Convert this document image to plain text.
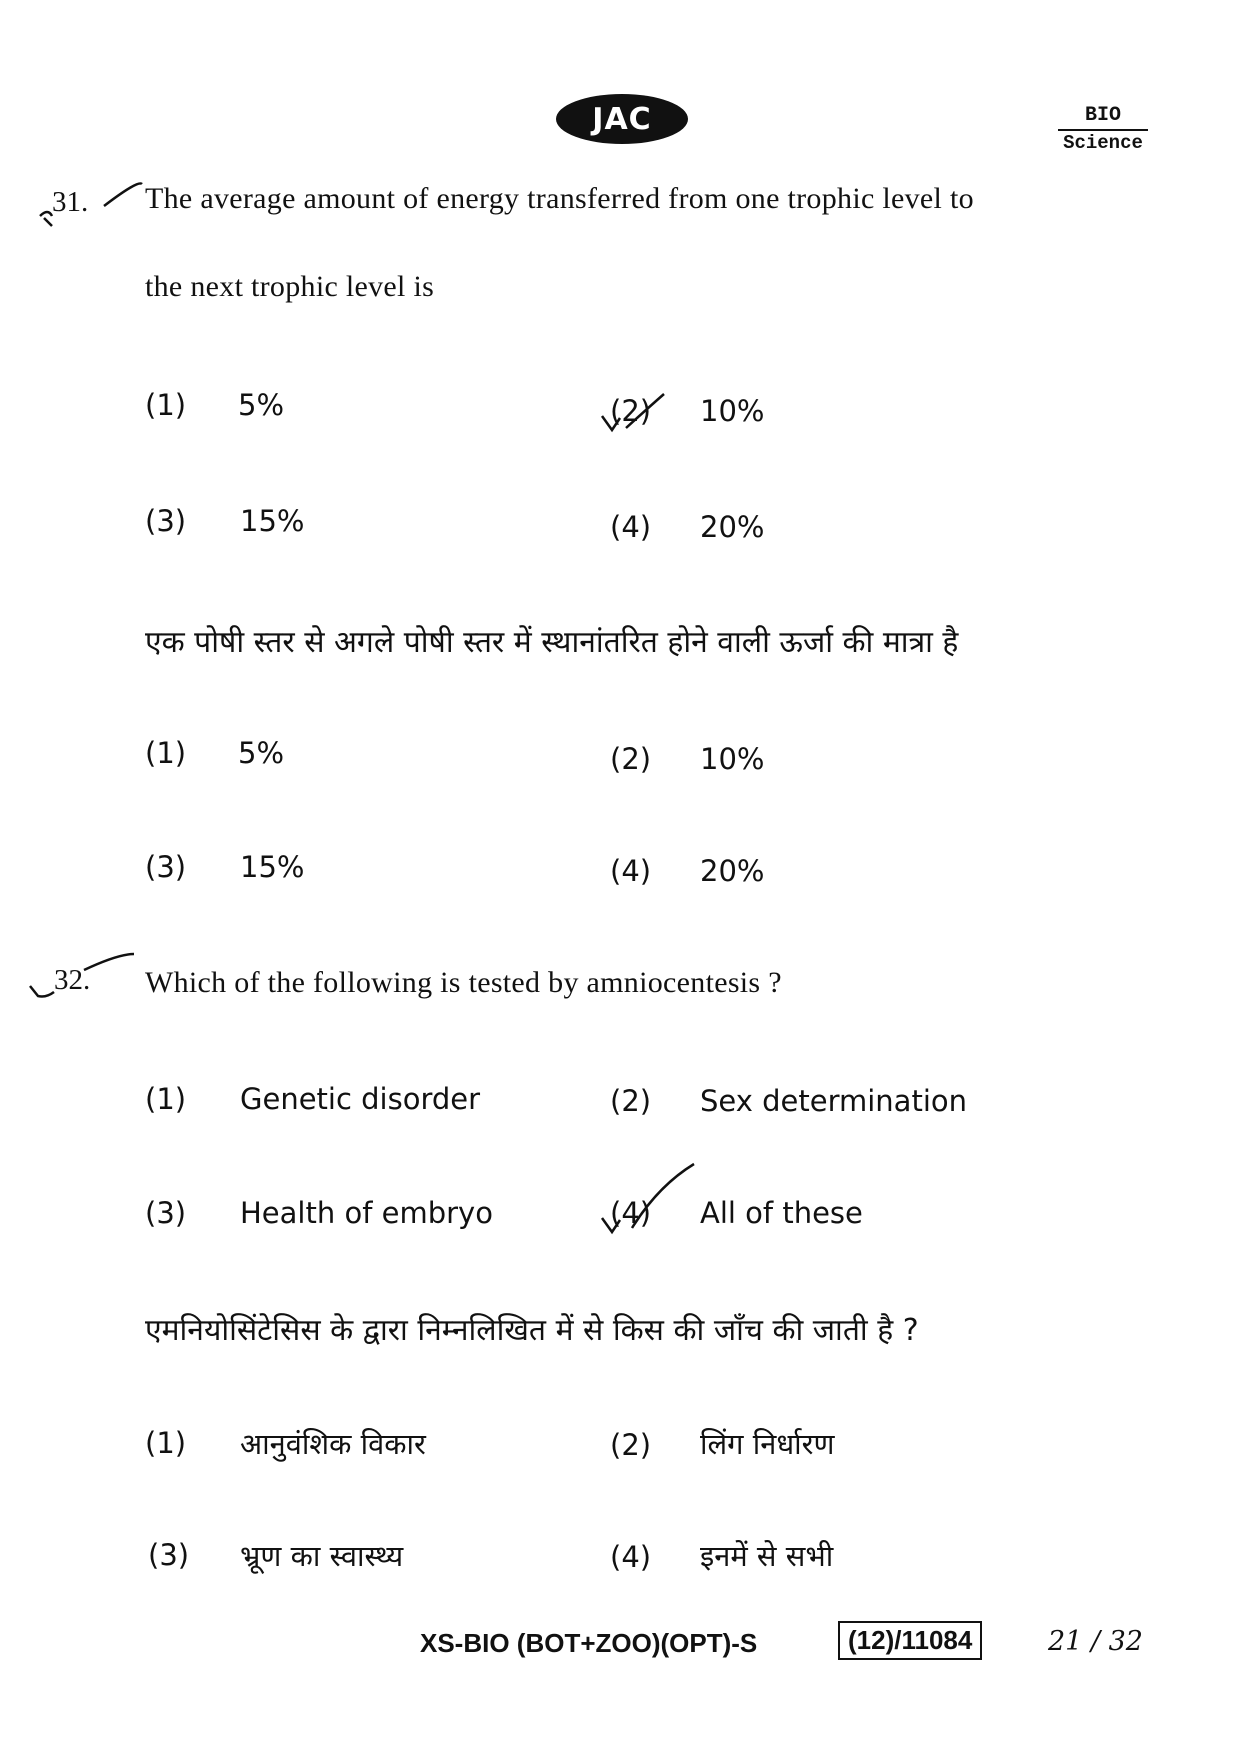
JAC	BIO
Science
31. The average amount of energy transferred from one trophic level to
the next trophic level is
(1) 5%	(2) 10%
(3) 15%	(4) 20%
एक पोषी स्तर से अगले पोषी स्तर में स्थानांतरित होने वाली ऊर्जा की मात्रा है
(1) 5%	(2) 10%
(3) 15%	(4) 20%
32. Which of the following is tested by amniocentesis ?
(1) Genetic disorder	(2) Sex determination
(3) Health of embryo	(4) All of these
एमनियोसिंटेसिस के द्वारा निम्नलिखित में से किस की जाँच की जाती है ?
(1) आनुवंशिक विकार	(2) लिंग निर्धारण
(3) भ्रूण का स्वास्थ्य	(4) इनमें से सभी
XS-BIO (BOT+ZOO)(OPT)-S	(12)/11084	21 / 32
